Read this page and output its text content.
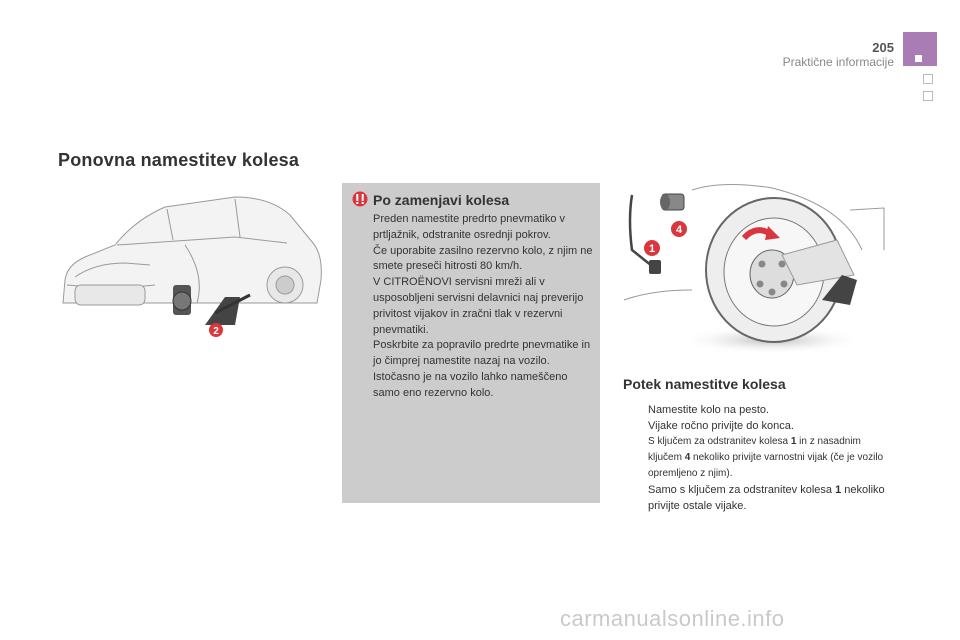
205
Praktične informacije
Ponovna namestitev kolesa
2
Po zamenjavi kolesa

Preden namestite predrto pnevmatiko v prtljažnik, odstranite osrednji pokrov.

Če uporabite zasilno rezervno kolo, z njim ne smete preseči hitrosti 80 km/h.

V CITROËNOVI servisni mreži ali v usposobljeni servisni delavnici naj preverijo privitost vijakov in zračni tlak v rezervni pnevmatiki.

Poskrbite za popravilo predrte pnevmatike in jo čimprej namestite nazaj na vozilo.

Istočasno je na vozilo lahko nameščeno samo eno rezervno kolo.

1
4
Potek namestitve kolesa
Namestite kolo na pesto.
Vijake ročno privijte do konca.
S ključem za odstranitev kolesa 1 in z nasadnim ključem 4 nekoliko privijte varnostni vijak (če je vozilo opremljeno z njim).
Samo s ključem za odstranitev kolesa 1 nekoliko privijte ostale vijake.
carmanualsonline.info
